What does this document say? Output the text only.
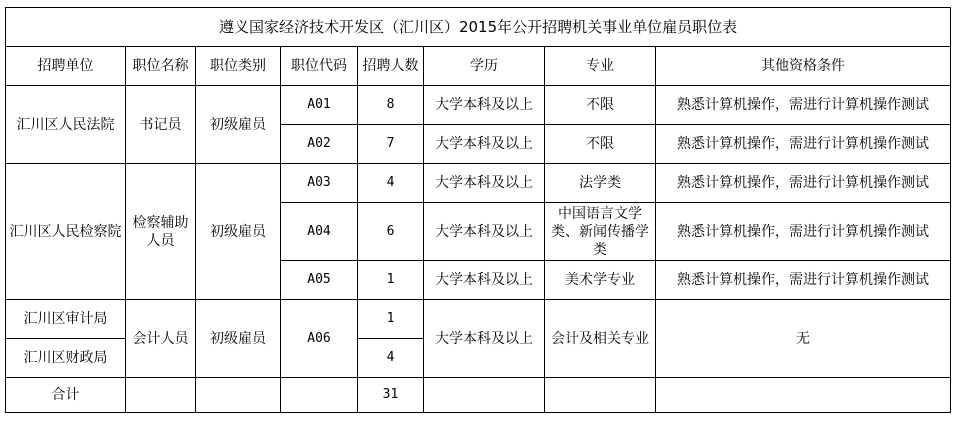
遵义国家经济技术开发区（汇川区）2015年公开招聘机关事业单位雇员职位表							
招聘单位	职位名称	职位类别	职位代码	招聘人数	学历	专业	其他资格条件
汇川区人民法院	书记员	初级雇员	A01	8	大学本科及以上	不限	熟悉计算机操作，需进行计算机操作测试
			A02	7	大学本科及以上	不限	熟悉计算机操作，需进行计算机操作测试
汇川区人民检察院	检察辅助人员	初级雇员	A03	4	大学本科及以上	法学类	熟悉计算机操作，需进行计算机操作测试
			A04	6	大学本科及以上	中国语言文学类、新闻传播学类	熟悉计算机操作，需进行计算机操作测试
			A05	1	大学本科及以上	美术学专业	熟悉计算机操作，需进行计算机操作测试
汇川区审计局	会计人员	初级雇员	A06	1	大学本科及以上	会计及相关专业	无
汇川区财政局				4			
合计				31			
